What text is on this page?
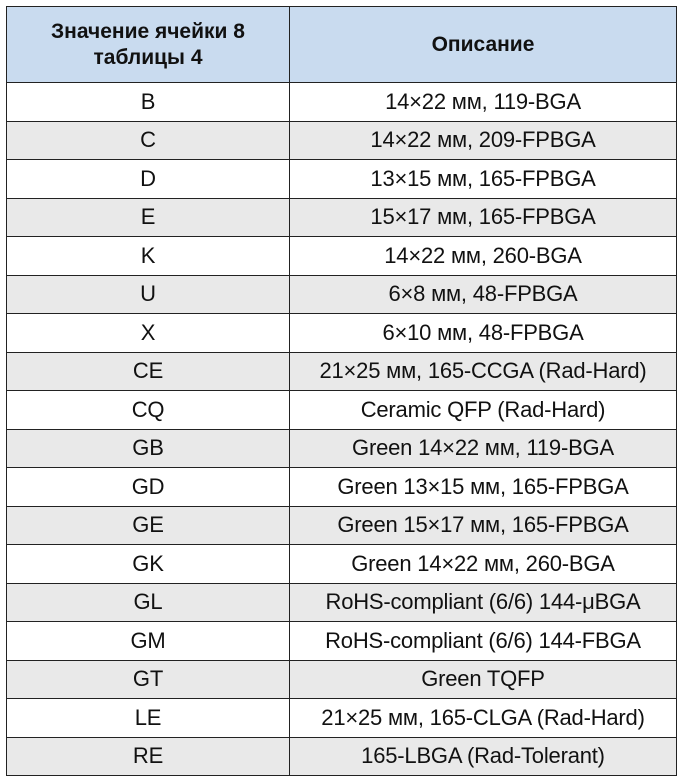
Значение ячейки 8 таблицы 4	Описание
B	14×22 мм, 119-BGA
C	14×22 мм, 209-FPBGA
D	13×15 мм, 165-FPBGA
E	15×17 мм, 165-FPBGA
K	14×22 мм, 260-BGA
U	6×8 мм, 48-FPBGA
X	6×10 мм, 48-FPBGA
CE	21×25 мм, 165-CCGA (Rad-Hard)
CQ	Ceramic QFP (Rad-Hard)
GB	Green 14×22 мм, 119-BGA
GD	Green 13×15 мм, 165-FPBGA
GE	Green 15×17 мм, 165-FPBGA
GK	Green 14×22 мм, 260-BGA
GL	RoHS-compliant (6/6) 144-μBGA
GM	RoHS-compliant (6/6) 144-FBGA
GT	Green TQFP
LE	21×25 мм, 165-CLGA (Rad-Hard)
RE	165-LBGA (Rad-Tolerant)
